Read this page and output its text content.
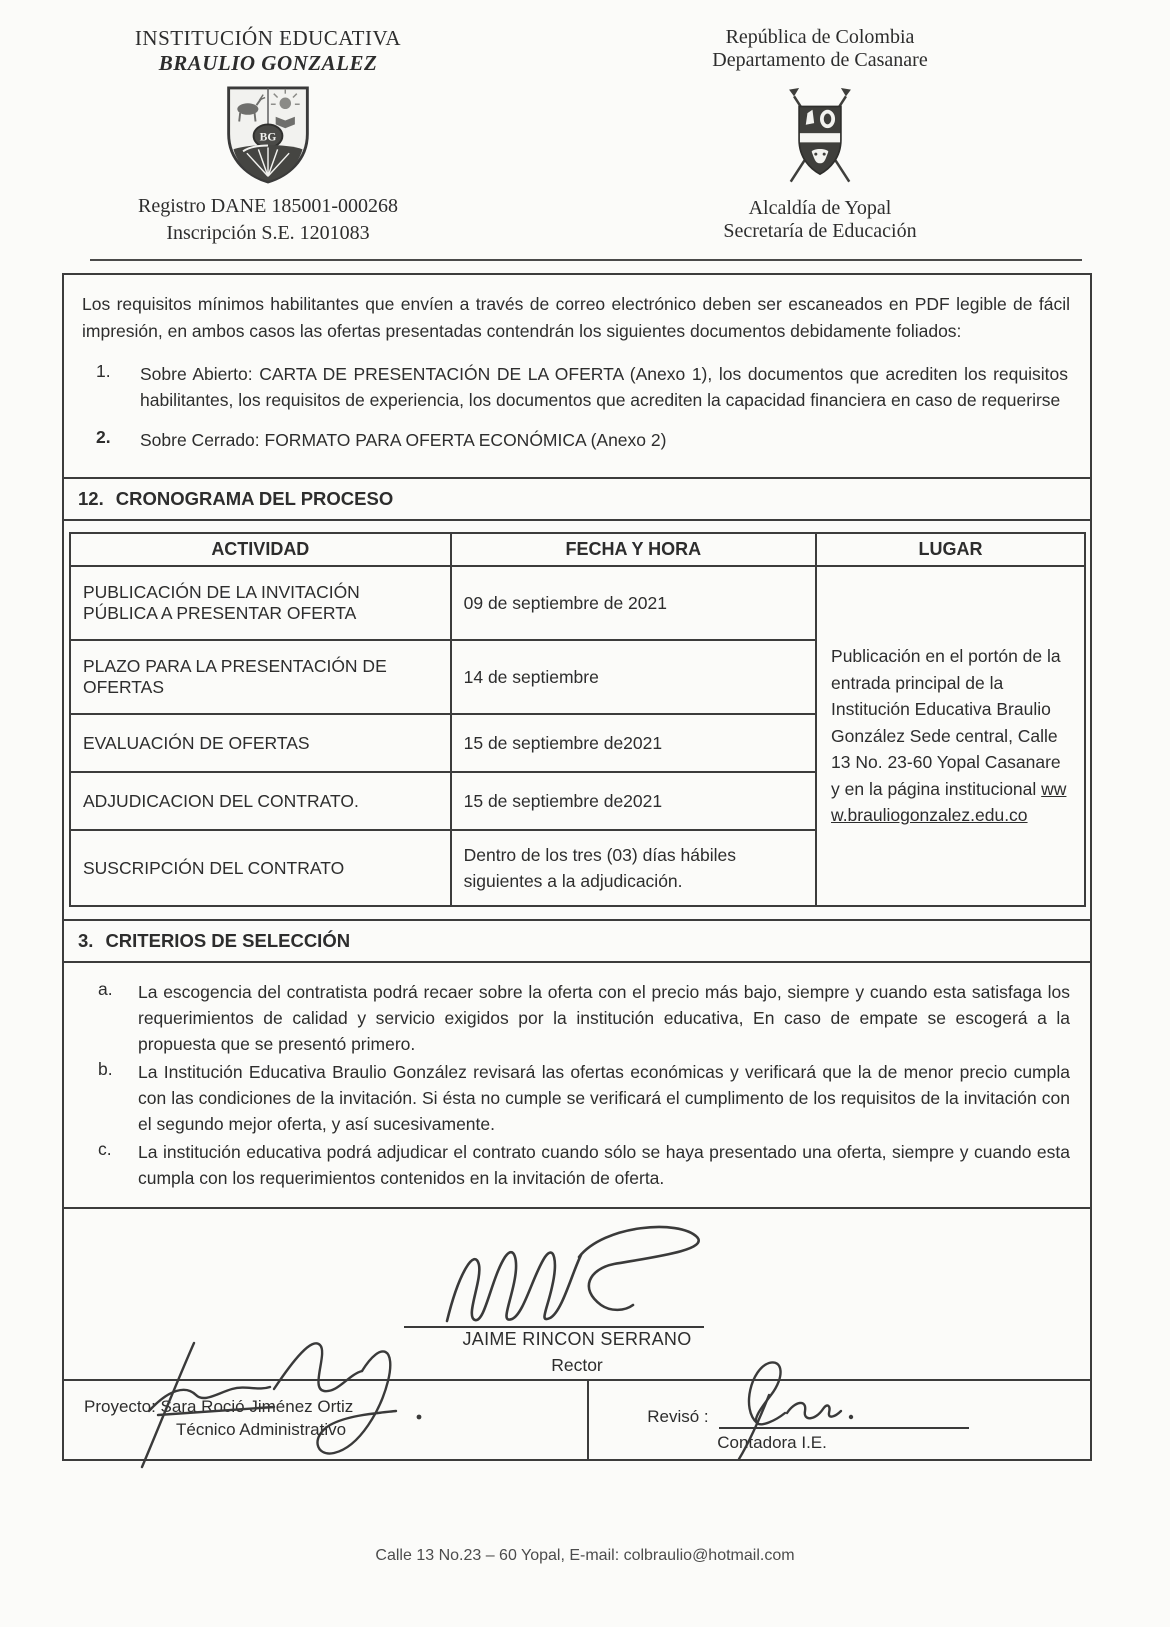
INSTITUCIÓN EDUCATIVA
BRAULIO GONZALEZ
BG
Registro DANE 185001-000268
Inscripción S.E. 1201083
República de Colombia
Departamento de Casanare
Alcaldía de Yopal
Secretaría de Educación

Los requisitos mínimos habilitantes que envíen a través de correo electrónico deben ser escaneados en PDF legible de fácil impresión, en ambos casos las ofertas presentadas contendrán los siguientes documentos debidamente foliados:

1.	Sobre Abierto: CARTA DE PRESENTACIÓN DE LA OFERTA (Anexo 1), los documentos que acrediten los requisitos habilitantes, los requisitos de experiencia, los documentos que acrediten la capacidad financiera en caso de requerirse
2.	Sobre Cerrado: FORMATO PARA OFERTA ECONÓMICA (Anexo 2)
12. CRONOGRAMA DEL PROCESO
ACTIVIDAD	FECHA Y HORA	LUGAR
PUBLICACIÓN DE LA INVITACIÓN PÚBLICA A PRESENTAR OFERTA	09 de septiembre de 2021	Publicación en el portón de la entrada principal de la Institución Educativa Braulio González Sede central, Calle 13 No. 23-60 Yopal Casanare y en la página institucional www.brauliogonzalez.edu.co
PLAZO PARA LA PRESENTACIÓN DE OFERTAS	14 de septiembre	
EVALUACIÓN DE OFERTAS	15 de septiembre de2021	
ADJUDICACION DEL CONTRATO.	15 de septiembre de2021	
SUSCRIPCIÓN DEL CONTRATO	Dentro de los tres (03) días hábiles siguientes a la adjudicación.	
3. CRITERIOS DE SELECCIÓN
a.	La escogencia del contratista podrá recaer sobre la oferta con el precio más bajo, siempre y cuando esta satisfaga los requerimientos de calidad y servicio exigidos por la institución educativa, En caso de empate se escogerá a la propuesta que se presentó primero.
b.	La Institución Educativa Braulio González revisará las ofertas económicas y verificará que la de menor precio cumpla con las condiciones de la invitación. Si ésta no cumple se verificará el cumplimento de los requisitos de la invitación con el segundo mejor oferta, y así sucesivamente.
c.	La institución educativa podrá adjudicar el contrato cuando sólo se haya presentado una oferta, siempre y cuando esta cumpla con los requerimientos contenidos en la invitación de oferta.
JAIME RINCON SERRANO
Rector
Proyecto: Sara Roció Jiménez Ortiz
Técnico Administrativo
Revisó :
Contadora I.E.
Calle 13 No.23 – 60 Yopal, E-mail: colbraulio@hotmail.com
